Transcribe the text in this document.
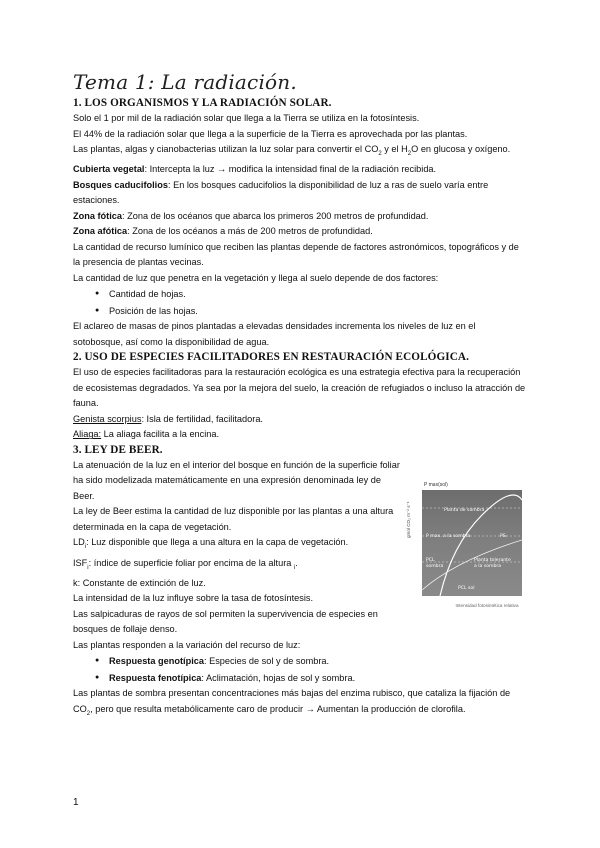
Tema 1: La radiación.
1. LOS ORGANISMOS Y LA RADIACIÓN SOLAR.

Solo el 1 por mil de la radiación solar que llega a la Tierra se utiliza en la fotosíntesis.

El 44% de la radiación solar que llega a la superficie de la Tierra es aprovechada por las plantas.

Las plantas, algas y cianobacterias utilizan la luz solar para convertir el $CO_2$ y el $H_2O$ en glucosa y oxígeno.

Cubierta vegetal: Intercepta la luz → modifica la intensidad final de la radiación recibida.

Bosques caducifolios: En los bosques caducifolios la disponibilidad de luz a ras de suelo varía entre estaciones.

Zona fótica: Zona de los océanos que abarca los primeros 200 metros de profundidad.

Zona afótica: Zona de los océanos a más de 200 metros de profundidad.

La cantidad de recurso lumínico que reciben las plantas depende de factores astronómicos, topográficos y de la presencia de plantas vecinas.

La cantidad de luz que penetra en la vegetación y llega al suelo depende de dos factores:

● Cantidad de hojas.
● Posición de las hojas.

El aclareo de masas de pinos plantadas a elevadas densidades incrementa los niveles de luz en el sotobosque, así como la disponibilidad de agua.

2. USO DE ESPECIES FACILITADORES EN RESTAURACIÓN ECOLÓGICA.

El uso de especies facilitadoras para la restauración ecológica es una estrategia efectiva para la recuperación de ecosistemas degradados. Ya sea por la mejora del suelo, la creación de refugiados o incluso la atracción de fauna.

Genista scorpius: Isla de fertilidad, facilitadora.

Aliaga: La aliaga facilita a la encina.

3. LEY DE BEER.

La atenuación de la luz en el interior del bosque en función de la superficie foliar ha sido modelizada matemáticamente en una expresión denominada ley de Beer.

La ley de Beer estima la cantidad de luz disponible por las plantas a una altura determinada en la capa de vegetación.

$LD_i$: Luz disponible que llega a una altura en la capa de vegetación.

$ISF_i$: índice de superficie foliar por encima de la altura $_i$.

k: Constante de extinción de luz.

La intensidad de la luz influye sobre la tasa de fotosíntesis.

Las salpicaduras de rayos de sol permiten la supervivencia de especies en bosques de follaje denso.

Las plantas responden a la variación del recurso de luz:

● Respuesta genotípica: Especies de sol y de sombra.
● Respuesta fenotípica: Aclimatación, hojas de sol y sombra.

Las plantas de sombra presentan concentraciones más bajas del enzima rubisco, que cataliza la fijación de $CO_2$, pero que resulta metabólicamente caro de producir → Aumentan la producción de clorofila.

P max(sol)
gmol CO₂ m⁻² s⁻¹	Planta de sombra
P max. a la sombra	PSₗ
PCL sombra
Planta tolerante a la sombra
PCL sol
Intensidad fotosintética relativa
1
